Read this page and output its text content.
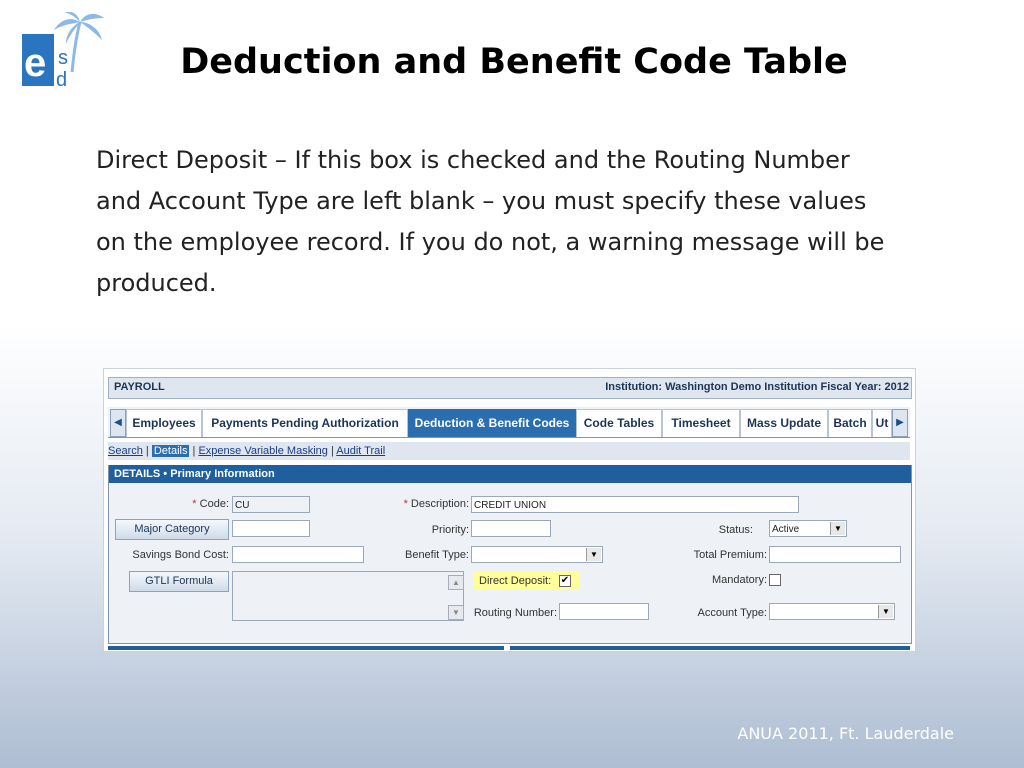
e s
d	Deduction and Benefit Code Table
Direct Deposit – If this box is checked and the Routing Number and Account Type are left blank – you must specify these values on the employee record. If you do not, a warning message will be produced.
ANUA 2011, Ft. Lauderdale
PAYROLL	Institution: Washington Demo Institution Fiscal Year: 2012
◀ Employees	Payments Pending Authorization	Deduction & Benefit Codes	Code Tables	Timesheet	Mass Update	Batch Ut ▶
Search | Details | Expense Variable Masking | Audit Trail
DETAILS • Primary Information
* Code: CU	* Description: CREDIT UNION
Major Category	Priority:	Status:	Active	▼
Savings Bond Cost:	Benefit Type:	▼	Total Premium:
GTLI Formula	▲
▼
Direct Deposit: ✔	Mandatory:
Routing Number:	Account Type:	▼
